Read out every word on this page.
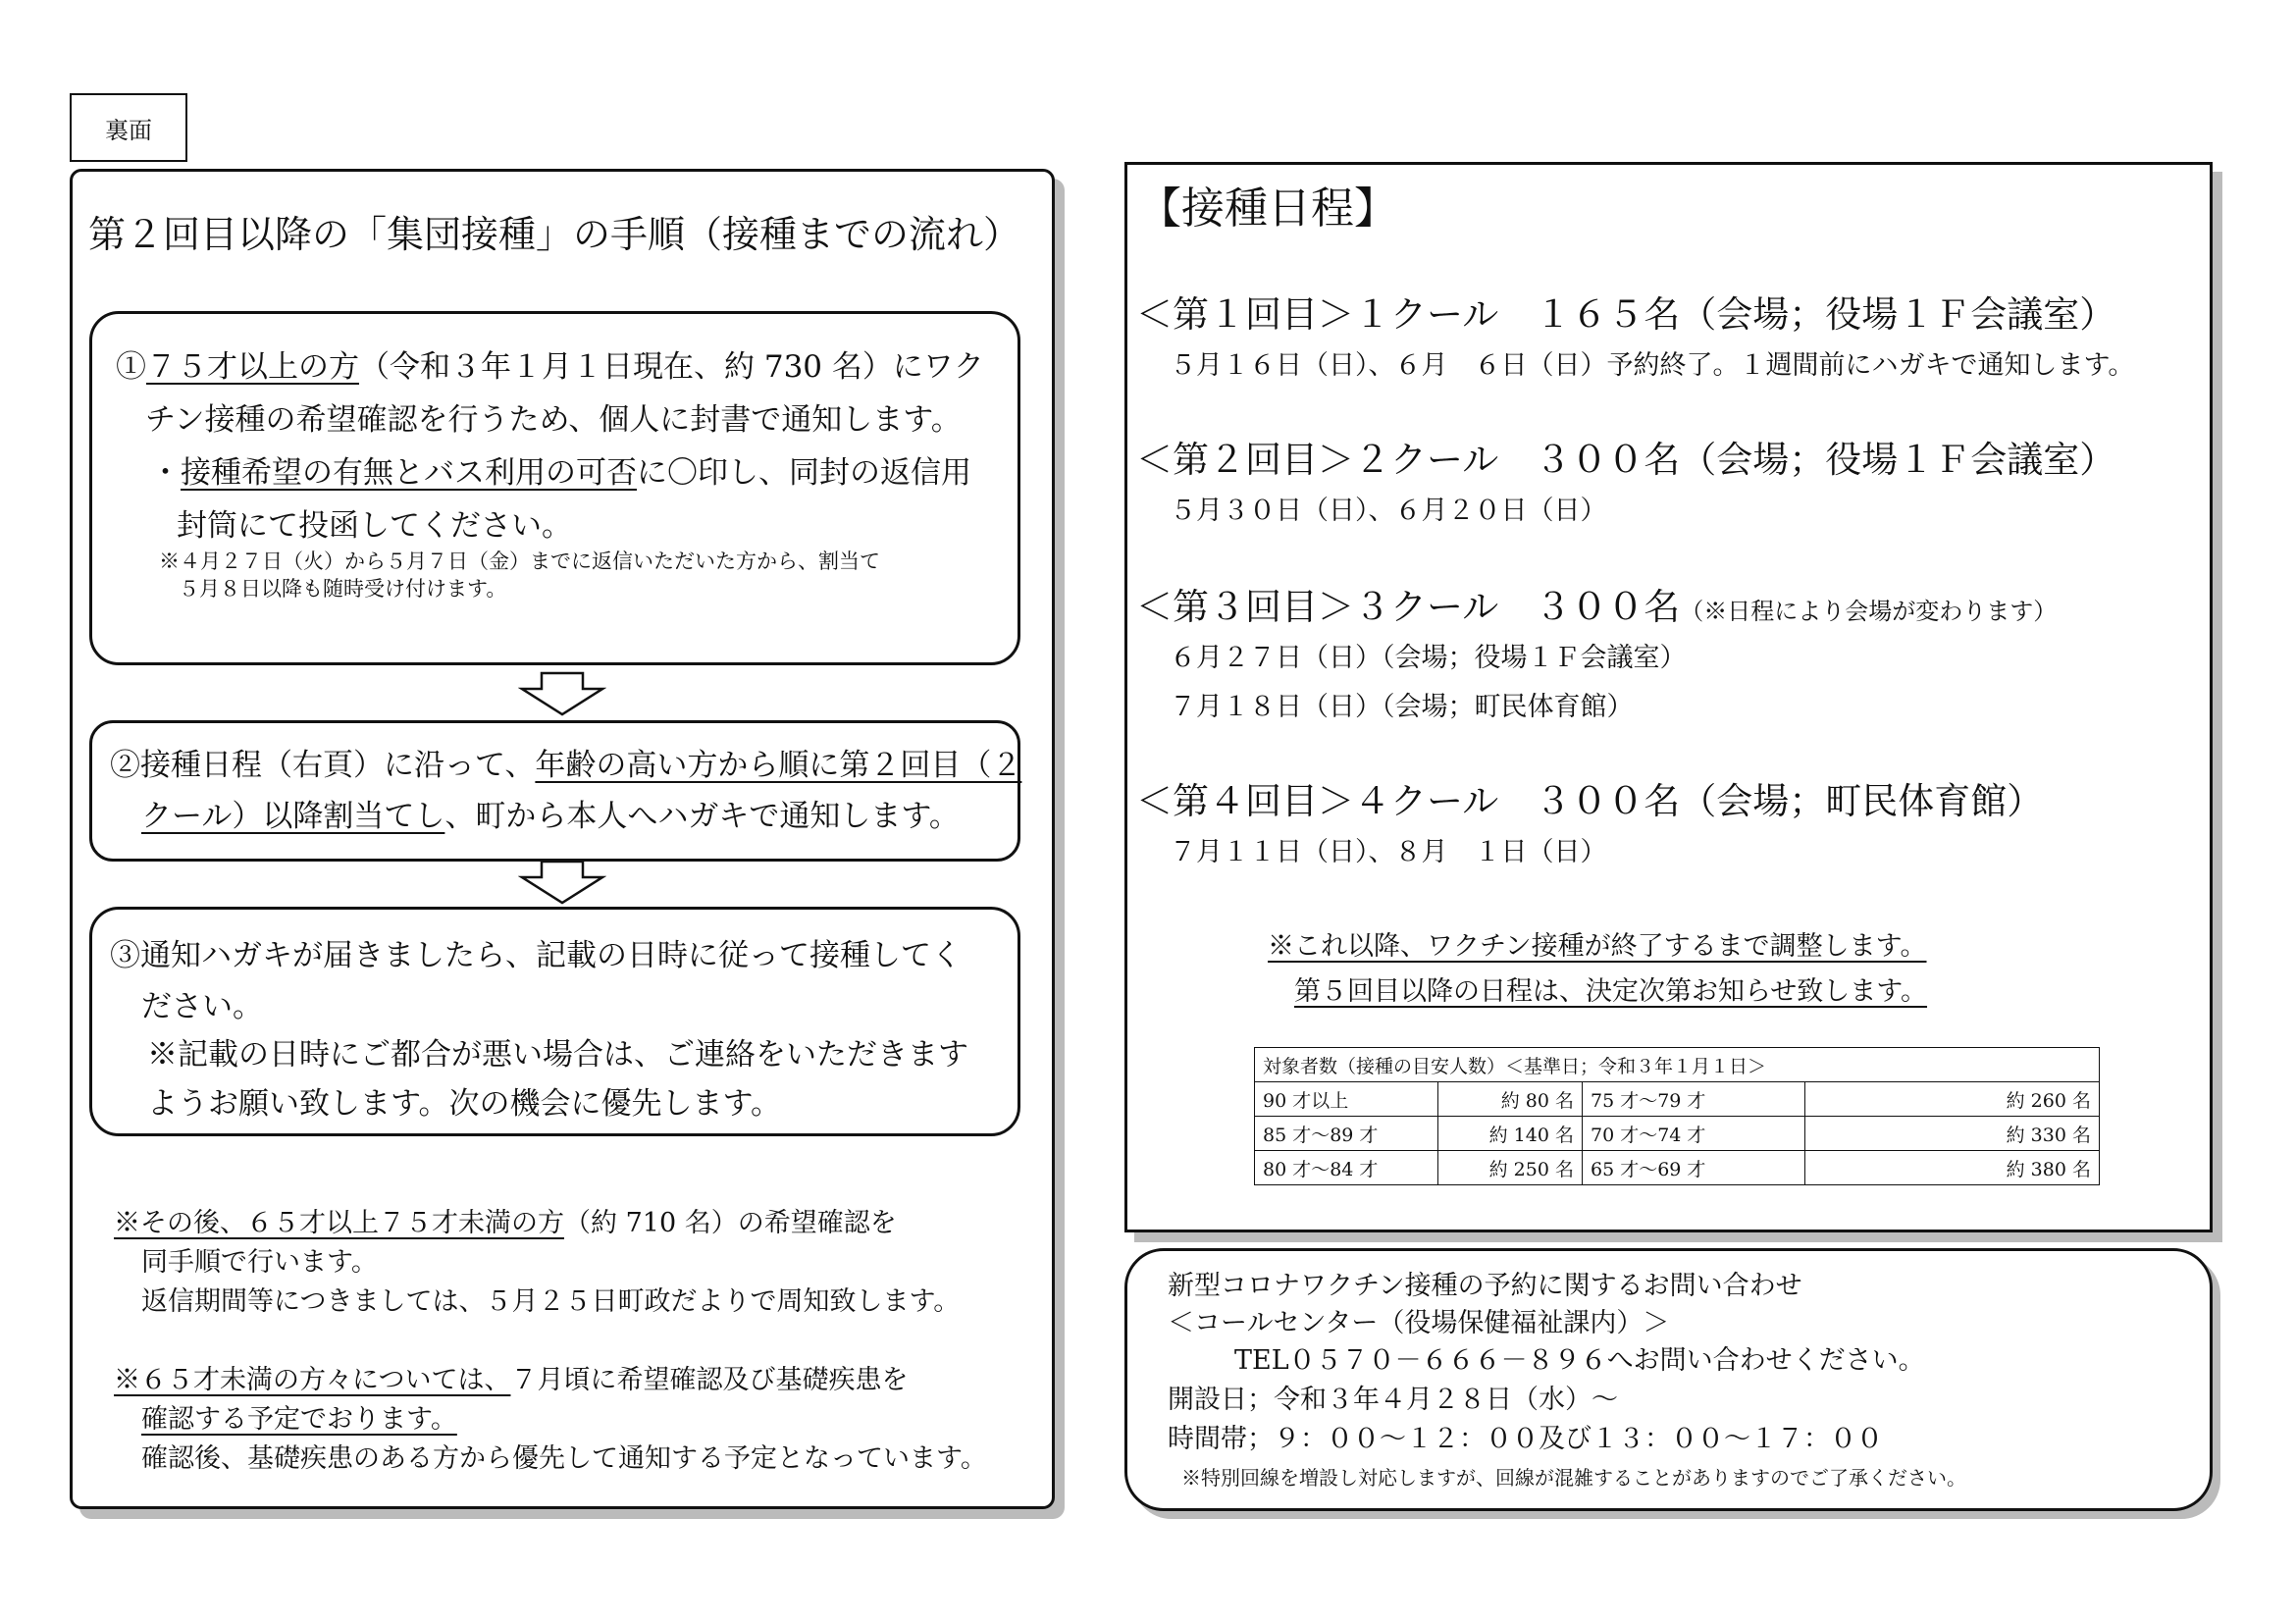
裏面
第２回目以降の「集団接種」の手順（接種までの流れ）
①７５才以上の方（令和３年１月１日現在、約 730 名）にワク
チン接種の希望確認を行うため、個人に封書で通知します。
・接種希望の有無とバス利用の可否に〇印し、同封の返信用
封筒にて投函してください。
※４月２７日（火）から５月７日（金）までに返信いただいた方から、割当て
５月８日以降も随時受け付けます。
②接種日程（右頁）に沿って、年齢の高い方から順に第２回目（２
クール）以降割当てし、町から本人へハガキで通知します。
③通知ハガキが届きましたら、記載の日時に従って接種してく
ださい。
※記載の日時にご都合が悪い場合は、ご連絡をいただきます
ようお願い致します。次の機会に優先します。
※その後、６５才以上７５才未満の方（約 710 名）の希望確認を
同手順で行います。
返信期間等につきましては、５月２５日町政だよりで周知致します。
※６５才未満の方々については、７月頃に希望確認及び基礎疾患を
確認する予定でおります。
確認後、基礎疾患のある方から優先して通知する予定となっています。
【接種日程】
＜第１回目＞１クール　１６５名（会場；役場１Ｆ会議室）
５月１６日（日）、６月　６日（日）予約終了。１週間前にハガキで通知します。
＜第２回目＞２クール　３００名（会場；役場１Ｆ会議室）
５月３０日（日）、６月２０日（日）
＜第３回目＞３クール　３００名（※日程により会場が変わります）
６月２７日（日）（会場；役場１Ｆ会議室）
７月１８日（日）（会場；町民体育館）
＜第４回目＞４クール　３００名（会場；町民体育館）
７月１１日（日）、８月　１日（日）
※これ以降、ワクチン接種が終了するまで調整します。
第５回目以降の日程は、決定次第お知らせ致します。
対象者数（接種の目安人数）＜基準日；令和３年１月１日＞			
90 才以上	約 80 名	75 才～79 才	約 260 名
85 才～89 才	約 140 名	70 才～74 才	約 330 名
80 才～84 才	約 250 名	65 才～69 才	約 380 名
新型コロナワクチン接種の予約に関するお問い合わせ
＜コールセンター（役場保健福祉課内）＞
TEL０５７０－６６６－８９６へお問い合わせください。
開設日；令和３年４月２８日（水）～
時間帯；９：００～１２：００及び１３：００～１７：００
※特別回線を増設し対応しますが、回線が混雑することがありますのでご了承ください。
